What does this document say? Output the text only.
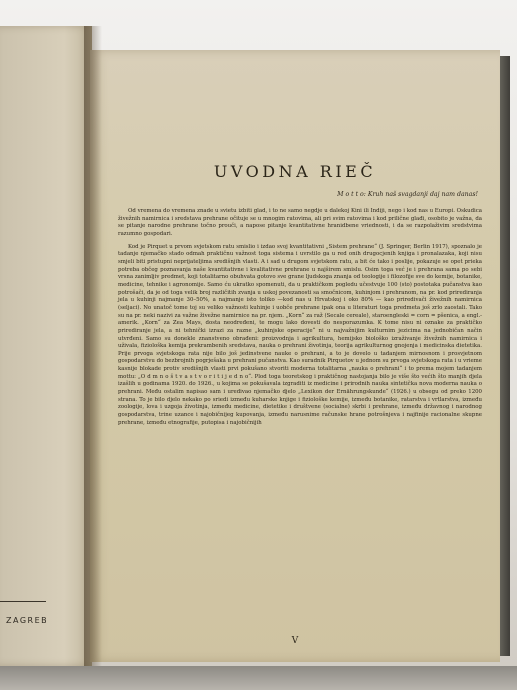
ZAGREB
UVODNA RIEČ
M o t t o: Kruh naš svagdanji daj nam danas!

Od vremena do vremena znade u svietu izbiti glad, i to ne samo negdje u dalekoj Kini ili Indiji, nego i kod nas u Europi. Oskudica živežnih namirnica i sredstava prehrane očituje se u mnogim ratovima, ali pri svim ratovima i kod prilične glađi, osobito je važna, da se pitanje narodne prehrane točno prouči, a napose pitanje kvantitativne hranidbene vriednosti, i da se razpolaživim sredstvima razumno gospodari.

Kod je Pirquet u prvom svjetskom ratu smislio i izdao svoj kvantitativni „Sistem prehrane“ (J. Springer, Berlin 1917), spoznalo je tadanje njemačko stado odmah praktičnu važnost toga sistema i uvrstilo ga u red onih drugocjenih knjiga i pronalazaka, koji nisu smjeli biti pristupni neprijateljima središnjih vlasti. A i sad u drugom svjetskom ratu, a bit će tako i poslije, pokazuje se opet prieka potreba občeg poznavanja naše kvantitativne i kvalitativne prehrane u najširem smislu. Osim toga već je i prehrana sama po sebi vrsna zanimljiv predmet, koji totalitarno obuhvata gotovo sve grane ljudskoga znanja od teologije i filozofije sve do kemije, botanike, medicine, tehnike i agronomije. Samo ću ukratko spomenuti, da u praktičkom pogledu učestvuje 100 (sto) postotaka pučanstva kao potrošači, da je od toga velik broj različitih zvanja u uskoj povezanosti sa smočnicom, kuhinjom i prehranom, na pr. kod prirediranja jela u kuhinji najmanje 30–50%, a najmanje isto toliko —kod nas u Hrvatskoj i oko 80% — kao priredivači živežnih namirnica (seljaci). No unatoč tome toj su veliko važnosti kuhinje i uobče prehrane ipak ona u literaturi toga predmeta još zrlo zaostali. Tako su na pr. neki nazivi za važne živežne namirnice na pr. njem. „Korn“ za raž (Secale cereale), staroengleski = corn = pšenica, a engl.-amerik. „Korn“ za Zea Mays, dosta neodređeni, te mogu lako dovesti do nesporazumka. K tome nisu ni oznake za praktičko prirediranje jela, a ni tehnički izrazi za razne „kuhinjske operacije“ ni u najvažnijim kulturnim jezicima na jednobičan način utvrđeni. Samo su donekle znanstveno obrađeni: proizvodnja i agrikultura, hemijsko biološko izraživanje živežnih namirnica i uživala, fiziološka kemija prekrambenih sredstava, nauka o prehrani životinja, teorija agrikulturnog gnojenja i medicinska dietetika. Prije prvoga svjetskoga rata nije bilo još jedinstvene nauke o prehrani, a to je dovelo u tadanjem mirnosnom i prosvjetnom gospodarstvu do bezbrojnih pogrješaka u prehrani pučanstva. Kao suradnik Pirquetov u jednom su prvoga svjetskoga rata i u vrieme kasnije blokade protiv središnjih vlasti prvi pokušano stvoriti moderna totalitarna „nauka o prehrani“ i to prema mojem tadanjem mottu: „O d m n o š t v a s t v o r i t i j e d n o“. Plod toga teoretskog i praktičnog nastojanja bilo je više što većih što manjih djela izašlih u godinama 1920. do 1926., u kojima se pokušavala izgraditi iz medicine i prirodnih nauka sintetička nova moderna nauka o prehrani. Među ostalim napisao sam i uredivao njemačko djelo „Lexikon der Ernährungskunde“ (1926.) u obsegu od preko 1200 strana. To je bilo djelo nekako po sriedi između kuharske knjige i fiziološke kemije, između botanike, ratarstva i vrtlarstva, između zoologije, lova i uzgoja životinja, između medicine, dietetike i društvene (socialne) skrbi i prehrane, između državnog i narodnog gospodarstva, trine uzance i najobičnijeg kupovanja, između narusnime računske hrane potrošnjeva i najfinije racionalne skupne prehrane, između etnografije, putopisa i najobičnijih

V
